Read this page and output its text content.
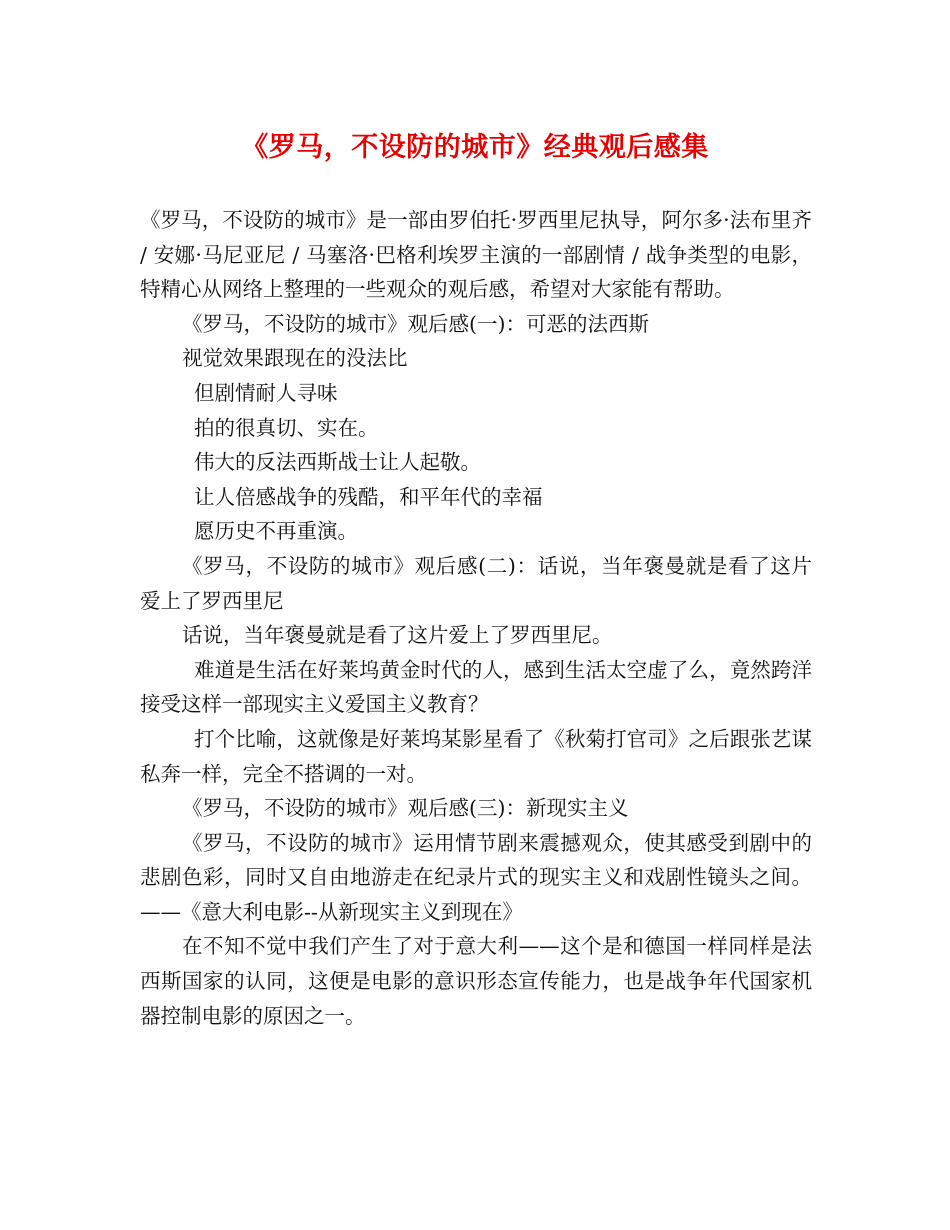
《罗马，不设防的城市》经典观后感集

《罗马，不设防的城市》是一部由罗伯托·罗西里尼执导，阿尔多·法布里齐 / 安娜·马尼亚尼 / 马塞洛·巴格利埃罗主演的一部剧情 / 战争类型的电影，特精心从网络上整理的一些观众的观后感，希望对大家能有帮助。

《罗马，不设防的城市》观后感(一)：可恶的法西斯

视觉效果跟现在的没法比

但剧情耐人寻味

拍的很真切、实在。

伟大的反法西斯战士让人起敬。

让人倍感战争的残酷，和平年代的幸福

愿历史不再重演。

《罗马，不设防的城市》观后感(二)：话说，当年褒曼就是看了这片爱上了罗西里尼

话说，当年褒曼就是看了这片爱上了罗西里尼。

难道是生活在好莱坞黄金时代的人，感到生活太空虚了么，竟然跨洋接受这样一部现实主义爱国主义教育？

打个比喻，这就像是好莱坞某影星看了《秋菊打官司》之后跟张艺谋私奔一样，完全不搭调的一对。

《罗马，不设防的城市》观后感(三)：新现实主义

《罗马，不设防的城市》运用情节剧来震撼观众，使其感受到剧中的悲剧色彩，同时又自由地游走在纪录片式的现实主义和戏剧性镜头之间。——《意大利电影--从新现实主义到现在》

在不知不觉中我们产生了对于意大利——这个是和德国一样同样是法西斯国家的认同，这便是电影的意识形态宣传能力，也是战争年代国家机器控制电影的原因之一。
